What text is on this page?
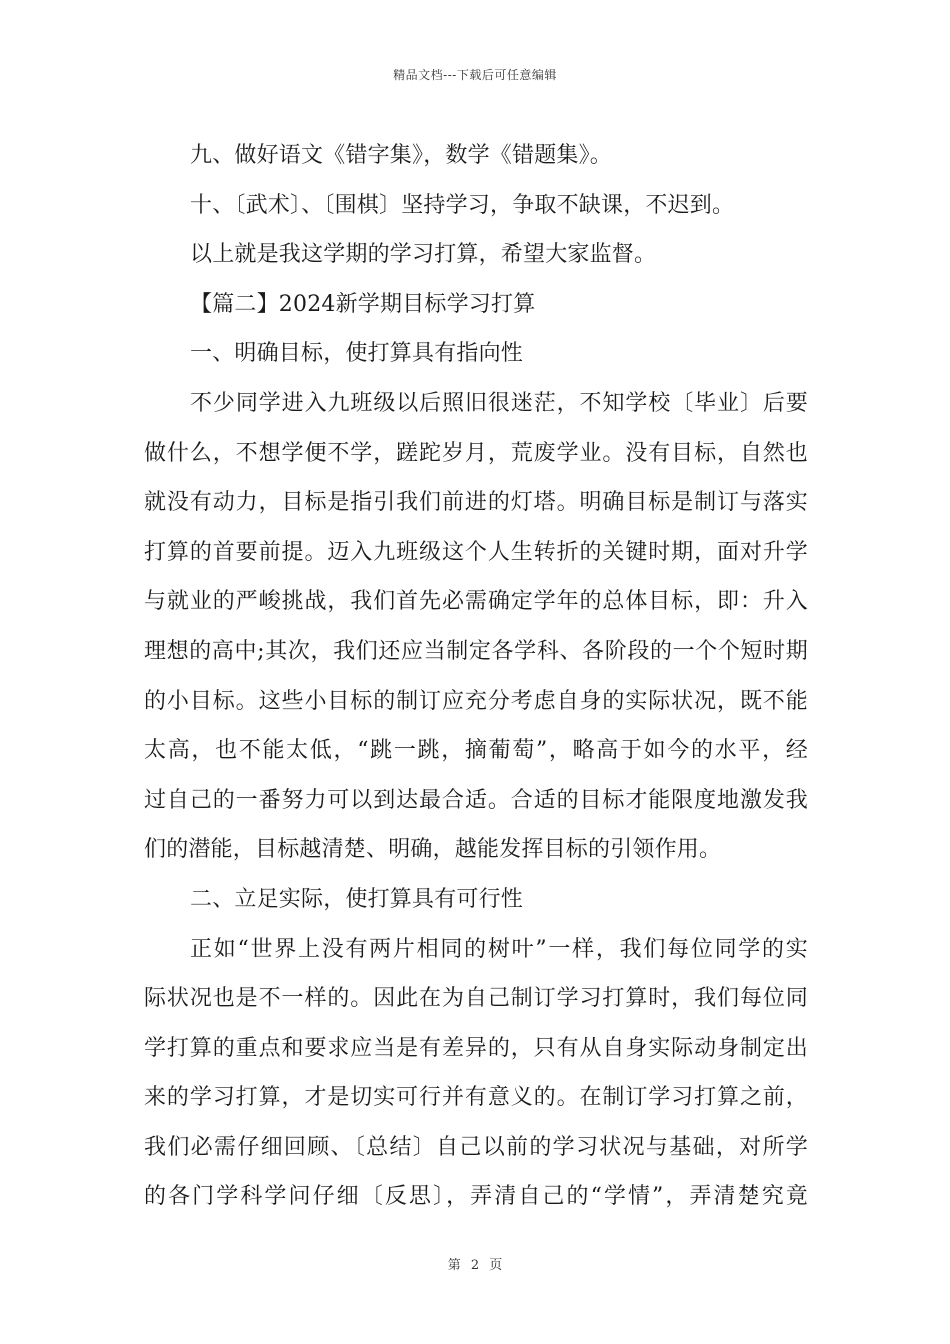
精品文档---下载后可任意编辑
九、做好语文《错字集》，数学《错题集》。
十、〔武术〕、〔围棋〕坚持学习，争取不缺课，不迟到。
以上就是我这学期的学习打算，希望大家监督。
【篇二】2024新学期目标学习打算
一、明确目标，使打算具有指向性
不少同学进入九班级以后照旧很迷茫，不知学校〔毕业〕后要
做什么，不想学便不学，蹉跎岁月，荒废学业。没有目标，自然也
就没有动力，目标是指引我们前进的灯塔。明确目标是制订与落实
打算的首要前提。迈入九班级这个人生转折的关键时期，面对升学
与就业的严峻挑战，我们首先必需确定学年的总体目标，即：升入
理想的高中;其次，我们还应当制定各学科、各阶段的一个个短时期
的小目标。这些小目标的制订应充分考虑自身的实际状况，既不能
太高，也不能太低，“跳一跳，摘葡萄”，略高于如今的水平，经
过自己的一番努力可以到达最合适。合适的目标才能限度地激发我
们的潜能，目标越清楚、明确，越能发挥目标的引领作用。
二、立足实际，使打算具有可行性
正如“世界上没有两片相同的树叶”一样，我们每位同学的实
际状况也是不一样的。因此在为自己制订学习打算时，我们每位同
学打算的重点和要求应当是有差异的，只有从自身实际动身制定出
来的学习打算，才是切实可行并有意义的。在制订学习打算之前，
我们必需仔细回顾、〔总结〕自己以前的学习状况与基础，对所学
的各门学科学问仔细〔反思〕，弄清自己的“学情”，弄清楚究竟
第 2 页
